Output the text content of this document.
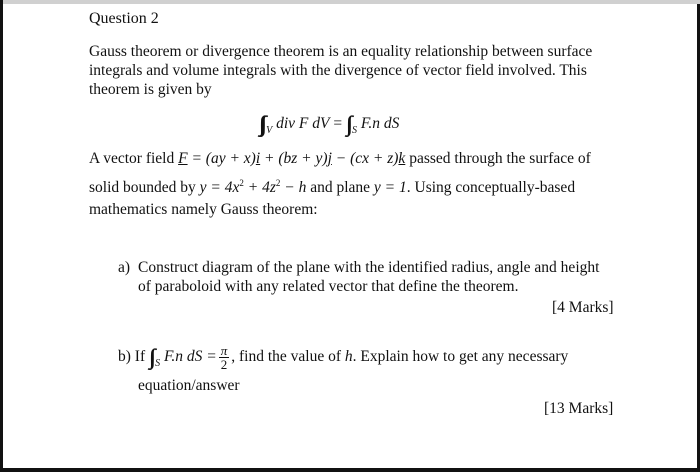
Question 2
Gauss theorem or divergence theorem is an equality relationship between surface
integrals and volume integrals with the divergence of vector field involved. This
theorem is given by
∫∫∫ $_V$ div F dV = ∫∫ $_S$ F.n dS
A vector field F = (ay + x)i + (bz + y)j − (cx + z)k passed through the surface of
solid bounded by $y = 4x^2 + 4z^2 - h$ and plane y = 1. Using conceptually-based
mathematics namely Gauss theorem:
a) Construct diagram of the plane with the identified radius, angle and height
of paraboloid with any related vector that define the theorem.
[4 Marks]
b) If ∫∫ $_S$ F.n dS = $\frac{\pi}{2}$ , find the value of h. Explain how to get any necessary
equation/answer
[13 Marks]
